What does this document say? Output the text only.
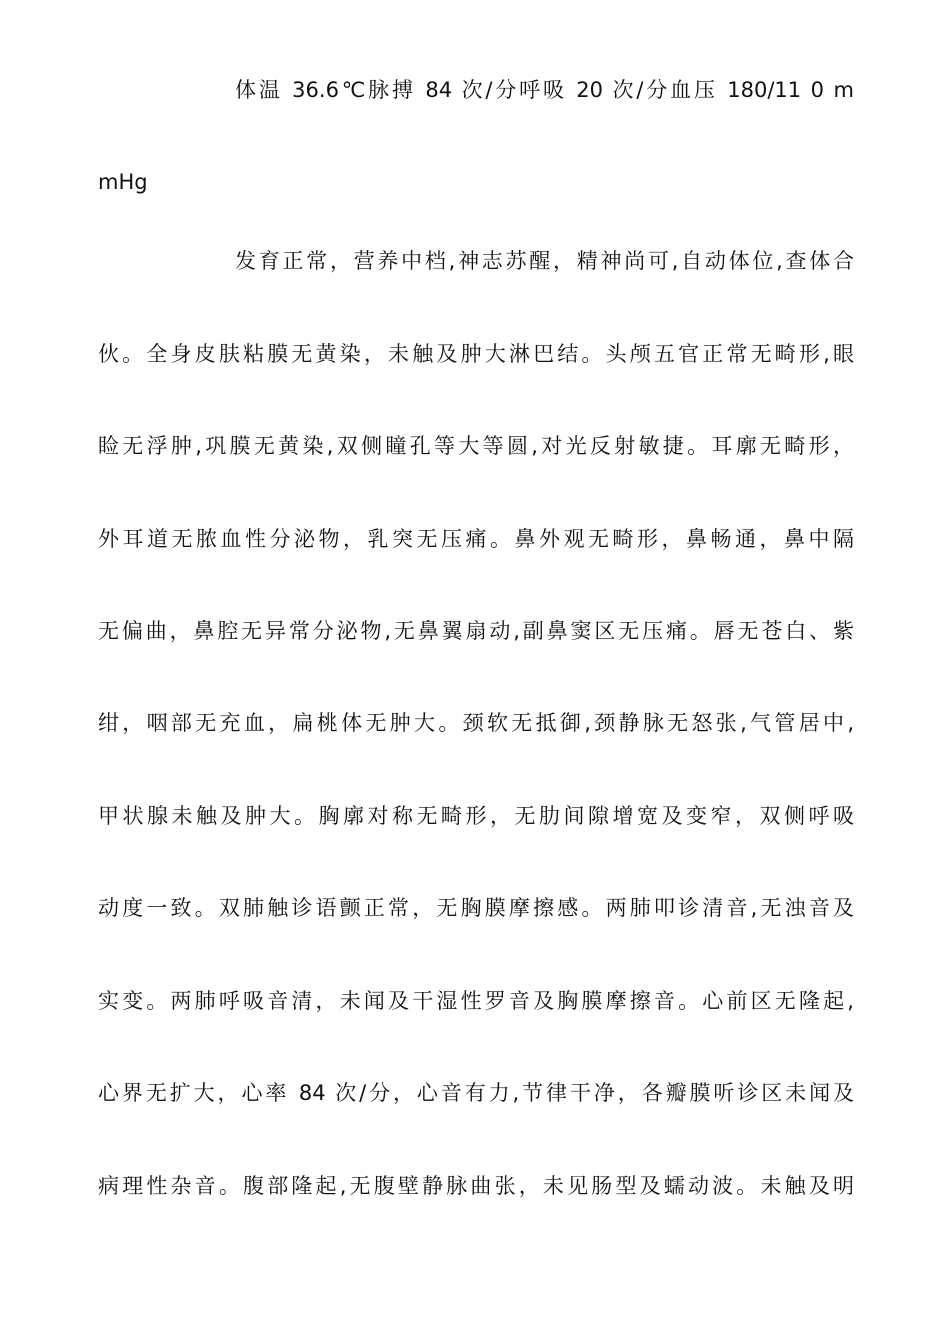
体温 36.6℃脉搏 84 次/分呼吸 20 次/分血压 180/11 0 m
mHg
发育正常，营养中档,神志苏醒，精神尚可,自动体位,查体合
伙。全身皮肤粘膜无黄染，未触及肿大淋巴结。头颅五官正常无畸形,眼
睑无浮肿,巩膜无黄染,双侧瞳孔等大等圆,对光反射敏捷。耳廓无畸形，
外耳道无脓血性分泌物，乳突无压痛。鼻外观无畸形，鼻畅通，鼻中隔
无偏曲，鼻腔无异常分泌物,无鼻翼扇动,副鼻窦区无压痛。唇无苍白、紫
绀，咽部无充血，扁桃体无肿大。颈软无抵御,颈静脉无怒张,气管居中,
甲状腺未触及肿大。胸廓对称无畸形，无肋间隙增宽及变窄，双侧呼吸
动度一致。双肺触诊语颤正常，无胸膜摩擦感。两肺叩诊清音,无浊音及
实变。两肺呼吸音清，未闻及干湿性罗音及胸膜摩擦音。心前区无隆起,
心界无扩大，心率 84 次/分，心音有力,节律干净，各瓣膜听诊区未闻及
病理性杂音。腹部隆起,无腹壁静脉曲张，未见肠型及蠕动波。未触及明
